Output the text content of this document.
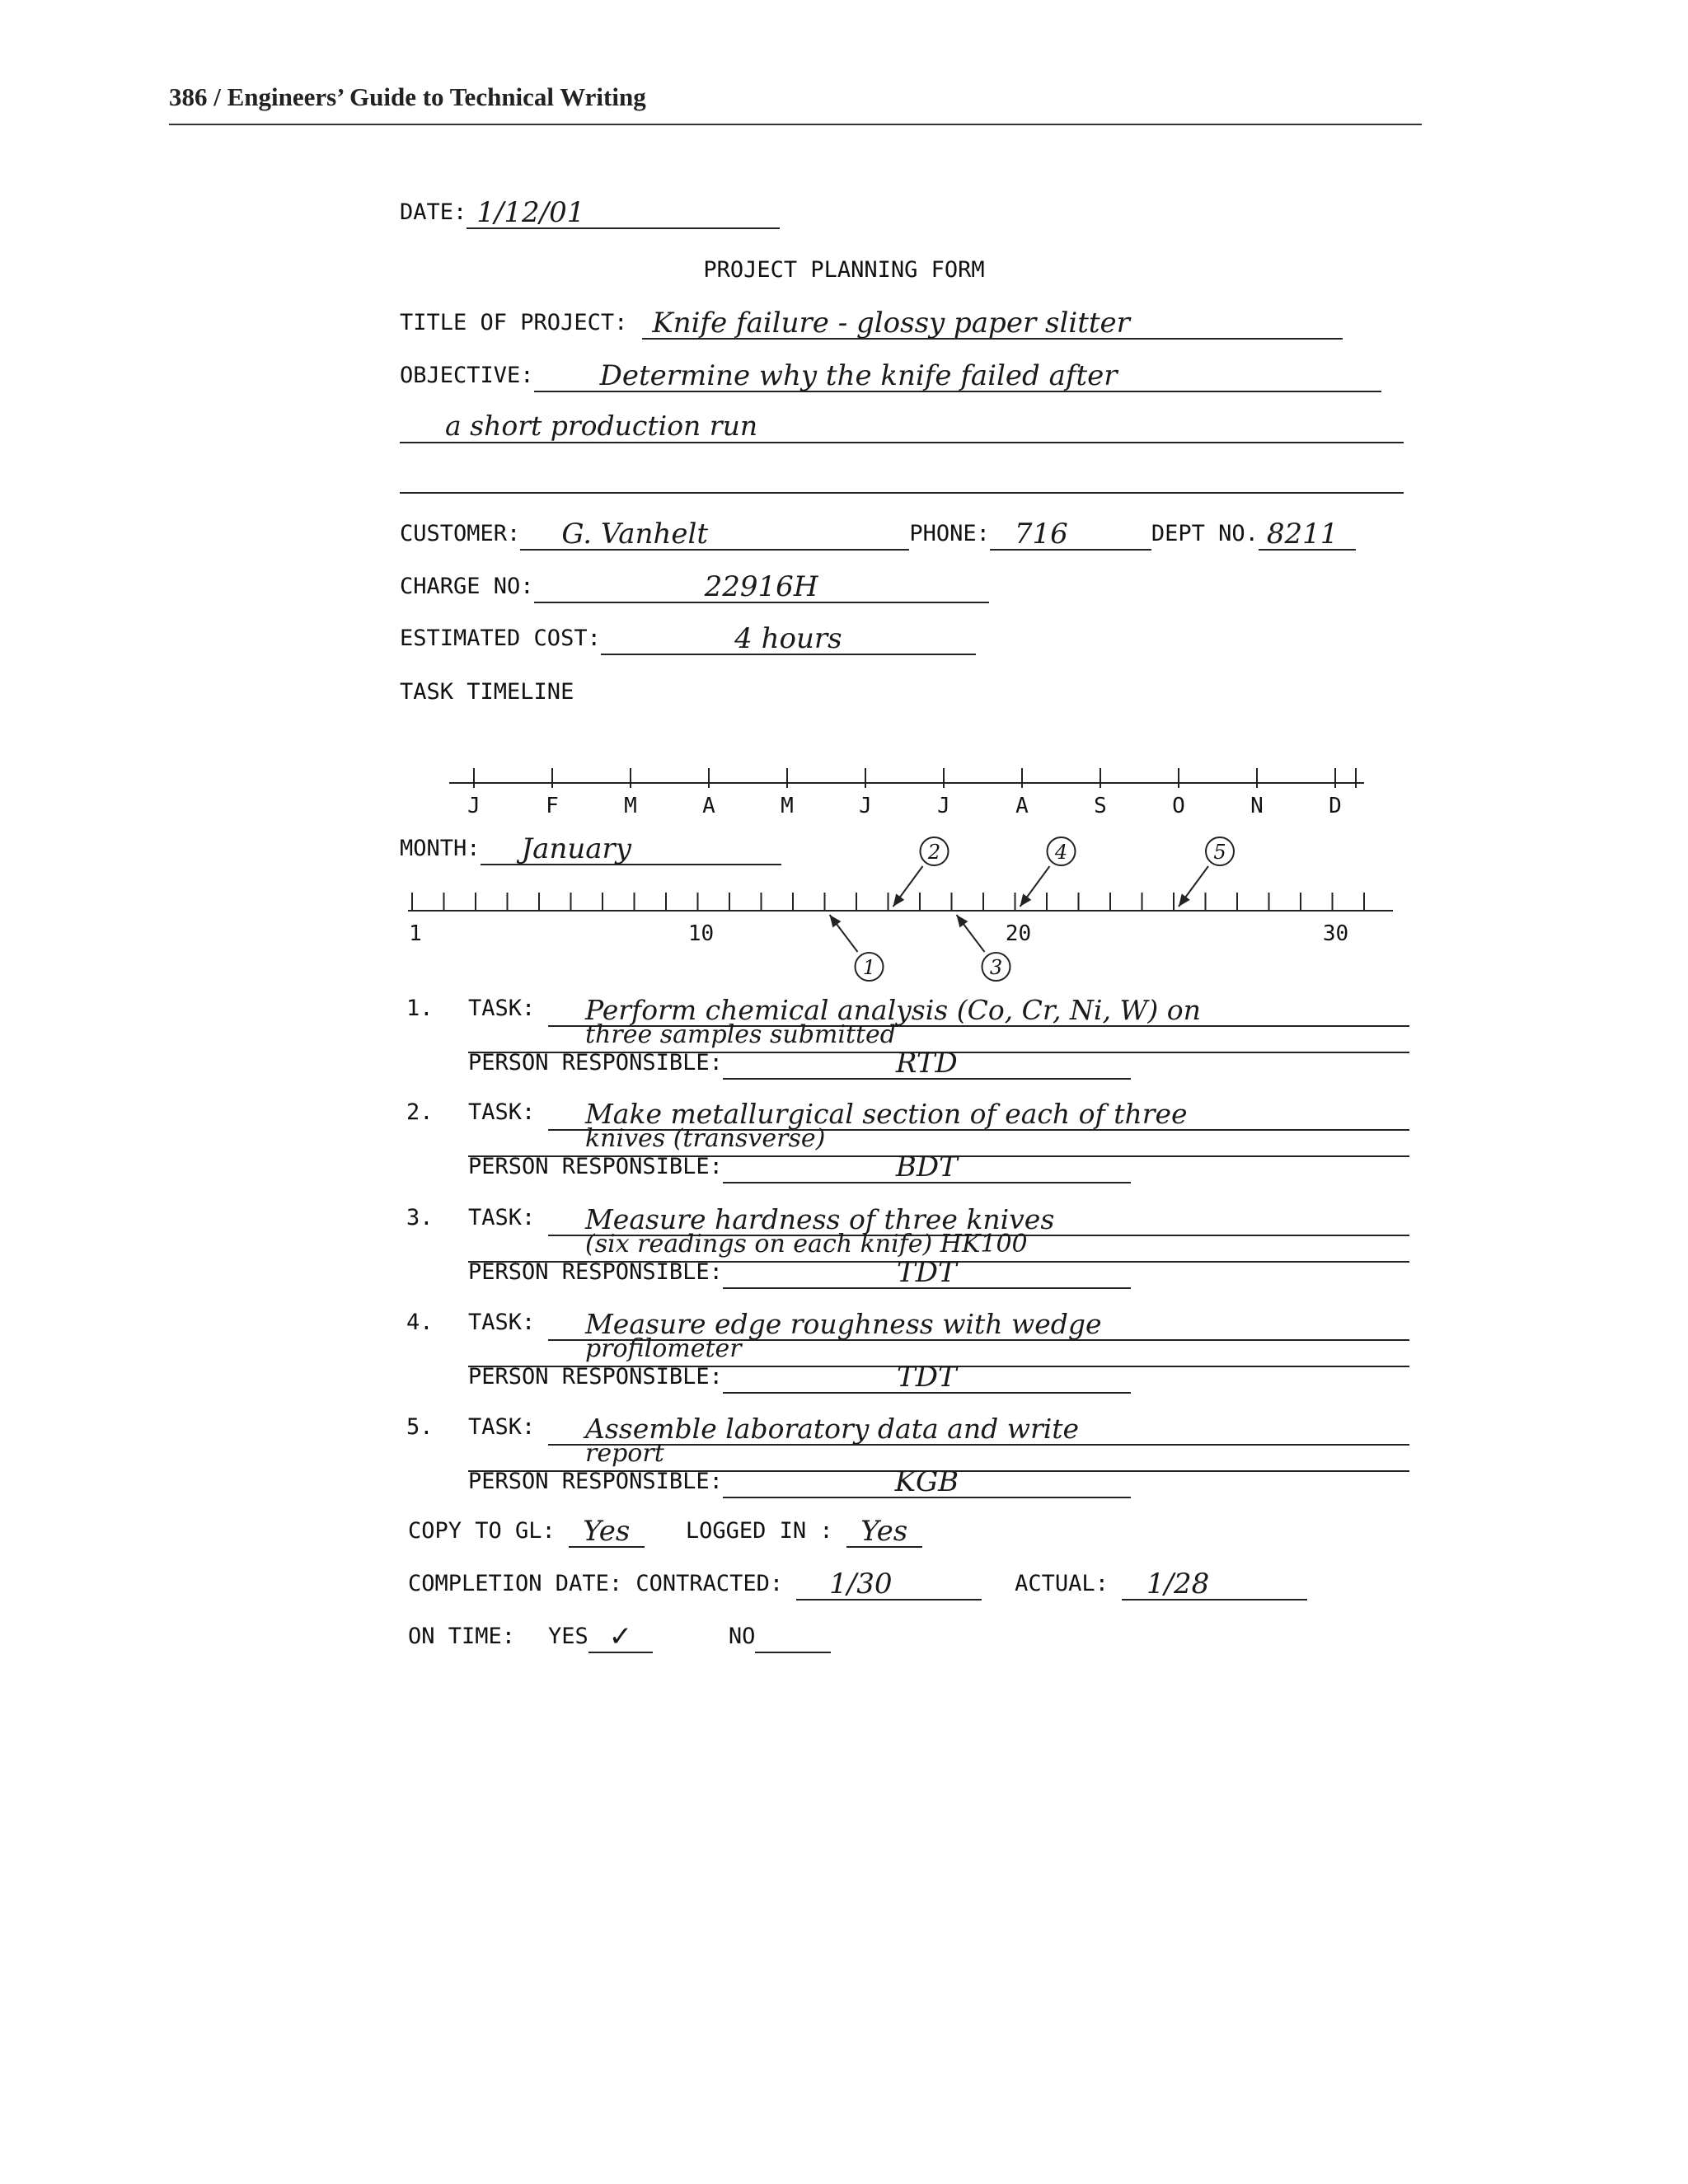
386 / Engineers’ Guide to Technical Writing
DATE: 1/12/01
PROJECT PLANNING FORM
TITLE OF PROJECT: Knife failure - glossy paper slitter
OBJECTIVE: Determine why the knife failed after
a short production run
CUSTOMER: G. Vanhelt	PHONE: 716	DEPT NO. 8211
CHARGE NO:	22916H
ESTIMATED COST:	4 hours
TASK TIMELINE
J	F	M	A	M	J	J	A	S	O	N	D
1	10	20	30
1
2
3
4	5
MONTH: January
1. TASK: Perform chemical analysis (Co, Cr, Ni, W) on
three samples submitted
PERSON RESPONSIBLE:	RTD
2. TASK: Make metallurgical section of each of three
knives (transverse)
PERSON RESPONSIBLE:	BDT
3. TASK: Measure hardness of three knives
(six readings on each knife) HK100
PERSON RESPONSIBLE:	TDT
4. TASK: Measure edge roughness with wedge
profilometer
PERSON RESPONSIBLE:	TDT
5. TASK: Assemble laboratory data and write
report
PERSON RESPONSIBLE:	KGB
COPY TO GL: Yes LOGGED IN : Yes
COMPLETION DATE: CONTRACTED: 1/30	ACTUAL: 1/28
ON TIME: YES ✓	NO
